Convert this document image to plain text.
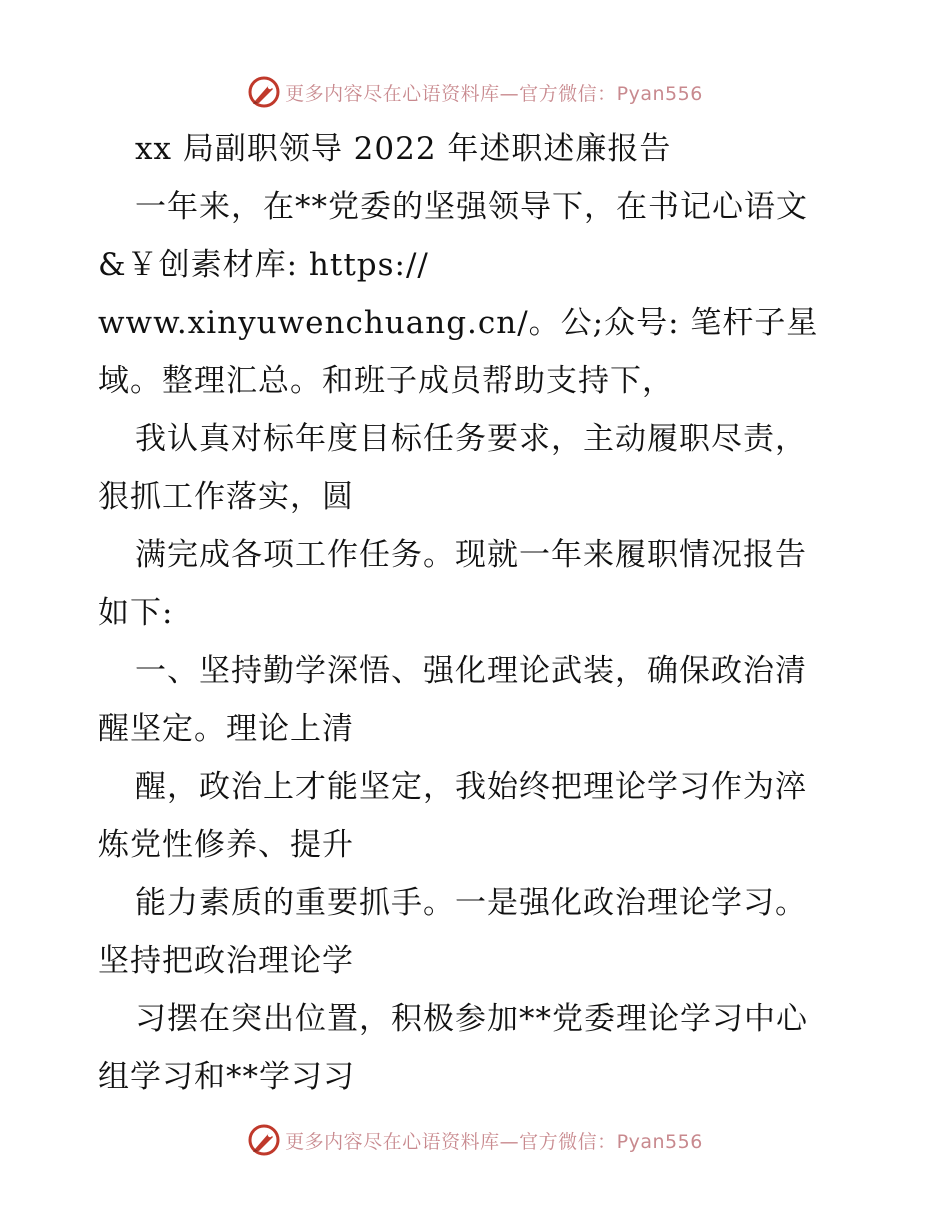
更多内容尽在心语资料库—官方微信：Pyan556
xx 局副职领导 2022 年述职述廉报告
一年来，在**党委的坚强领导下，在书记心语文
&￥创素材库: https://
www.xinyuwenchuang.cn/。公;众号: 笔杆子星
域。整理汇总。和班子成员帮助支持下，
我认真对标年度目标任务要求，主动履职尽责，
狠抓工作落实，圆
满完成各项工作任务。现就一年来履职情况报告
如下:
一、坚持勤学深悟、强化理论武装，确保政治清
醒坚定。理论上清
醒，政治上才能坚定，我始终把理论学习作为淬
炼党性修养、提升
能力素质的重要抓手。一是强化政治理论学习。
坚持把政治理论学
习摆在突出位置，积极参加**党委理论学习中心
组学习和**学习习
更多内容尽在心语资料库—官方微信：Pyan556
